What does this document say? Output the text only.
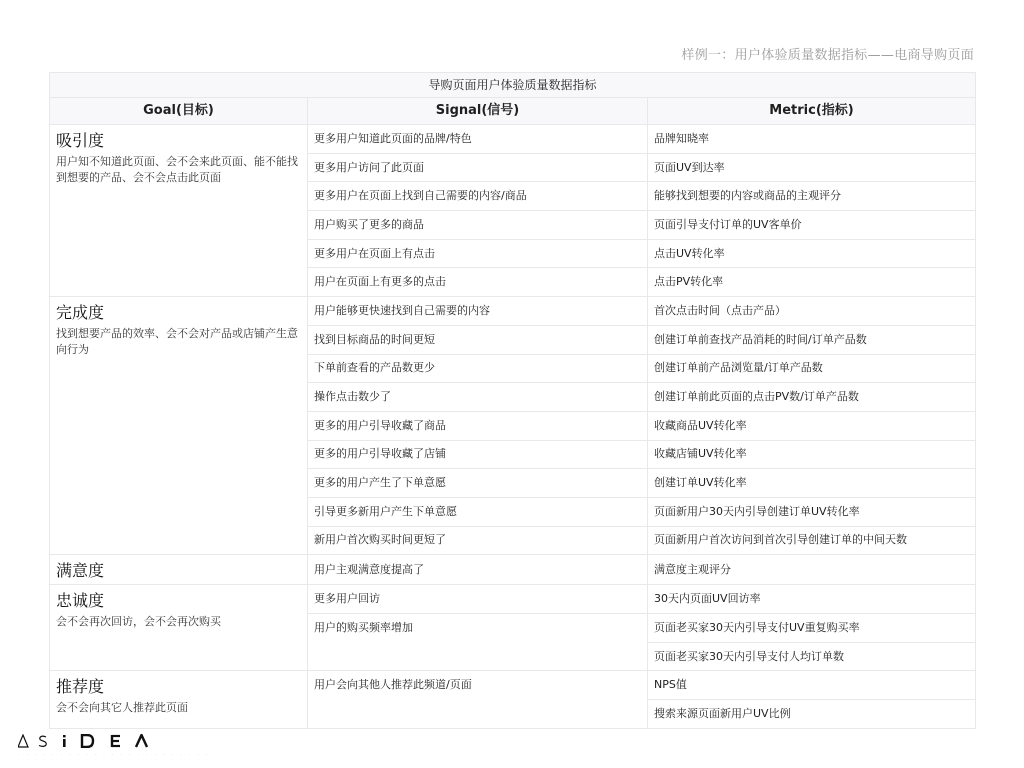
样例一：用户体验质量数据指标——电商导购页面
导购页面用户体验质量数据指标		
Goal(目标)	Signal(信号)	Metric(指标)

吸引度
用户知不知道此页面、会不会来此页面、能不能找到想要的产品、会不会点击此页面	更多用户知道此页面的品牌/特色	品牌知晓率
	更多用户访问了此页面	页面UV到达率
	更多用户在页面上找到自己需要的内容/商品	能够找到想要的内容或商品的主观评分
	用户购买了更多的商品	页面引导支付订单的UV客单价
	更多用户在页面上有点击	点击UV转化率
	用户在页面上有更多的点击	点击PV转化率

完成度
找到想要产品的效率、会不会对产品或店铺产生意向行为	用户能够更快速找到自己需要的内容	首次点击时间（点击产品）
	找到目标商品的时间更短	创建订单前查找产品消耗的时间/订单产品数
	下单前查看的产品数更少	创建订单前产品浏览量/订单产品数
	操作点击数少了	创建订单前此页面的点击PV数/订单产品数
	更多的用户引导收藏了商品	收藏商品UV转化率
	更多的用户引导收藏了店铺	收藏店铺UV转化率
	更多的用户产生了下单意愿	创建订单UV转化率
	引导更多新用户产生下单意愿	页面新用户30天内引导创建订单UV转化率
	新用户首次购买时间更短了	页面新用户首次访问到首次引导创建订单的中间天数

满意度	用户主观满意度提高了	满意度主观评分

忠诚度
会不会再次回访，会不会再次购买	更多用户回访	30天内页面UV回访率
	用户的购买频率增加	页面老买家30天内引导支付UV重复购买率
		页面老买家30天内引导支付人均订单数

推荐度
会不会向其它人推荐此页面	用户会向其他人推荐此频道/页面	NPS值
		搜索来源页面新用户UV比例
· · · · · · · · · · · · · · · · · · · · · · ·
